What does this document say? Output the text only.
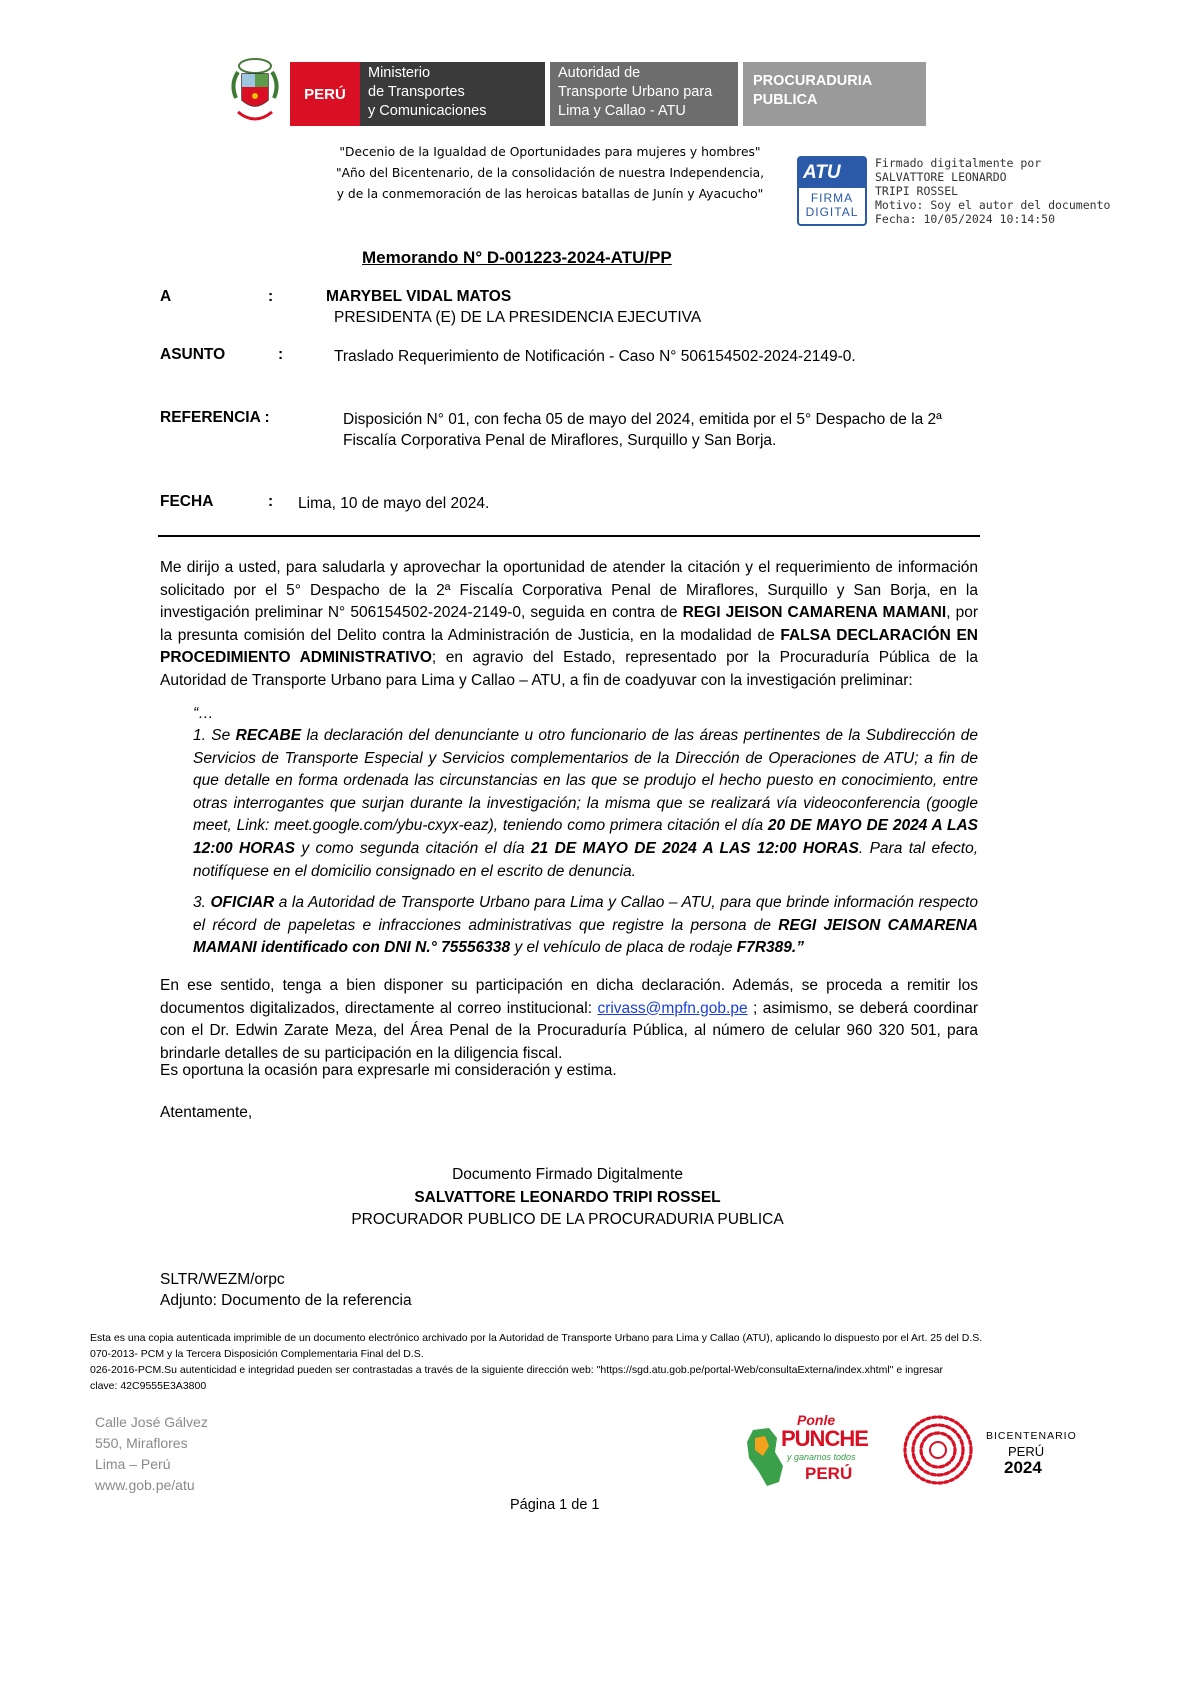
PERÚ
Ministerio
de Transportes
y Comunicaciones
Autoridad de
Transporte Urbano para
Lima y Callao - ATU
PROCURADURIA
PUBLICA
"Decenio de la Igualdad de Oportunidades para mujeres y hombres"
"Año del Bicentenario, de la consolidación de nuestra Independencia,
y de la conmemoración de las heroicas batallas de Junín y Ayacucho"
ATU
FIRMA
DIGITAL
Firmado digitalmente por
SALVATTORE LEONARDO
TRIPI ROSSEL
Motivo: Soy el autor del documento
Fecha: 10/05/2024 10:14:50
Memorando N° D-001223-2024-ATU/PP
A	:	MARYBEL VIDAL MATOS
PRESIDENTA (E) DE LA PRESIDENCIA EJECUTIVA
ASUNTO	:	Traslado Requerimiento de Notificación - Caso N° 506154502-2024-2149-0.
REFERENCIA :	Disposición N° 01, con fecha 05 de mayo del 2024, emitida por el 5° Despacho de la 2ª
Fiscalía Corporativa Penal de Miraflores, Surquillo y San Borja.
FECHA	: Lima, 10 de mayo del 2024.
Me dirijo a usted, para saludarla y aprovechar la oportunidad de atender la citación y el requerimiento de información solicitado por el 5° Despacho de la 2ª Fiscalía Corporativa Penal de Miraflores, Surquillo y San Borja, en la investigación preliminar N° 506154502-2024-2149-0, seguida en contra de REGI JEISON CAMARENA MAMANI, por la presunta comisión del Delito contra la Administración de Justicia, en la modalidad de FALSA DECLARACIÓN EN PROCEDIMIENTO ADMINISTRATIVO; en agravio del Estado, representado por la Procuraduría Pública de la Autoridad de Transporte Urbano para Lima y Callao – ATU, a fin de coadyuvar con la investigación preliminar:
“…
1. Se RECABE la declaración del denunciante u otro funcionario de las áreas pertinentes de la Subdirección de Servicios de Transporte Especial y Servicios complementarios de la Dirección de Operaciones de ATU; a fin de que detalle en forma ordenada las circunstancias en las que se produjo el hecho puesto en conocimiento, entre otras interrogantes que surjan durante la investigación; la misma que se realizará vía videoconferencia (google meet, Link: meet.google.com/ybu-cxyx-eaz), teniendo como primera citación el día 20 DE MAYO DE 2024 A LAS 12:00 HORAS y como segunda citación el día 21 DE MAYO DE 2024 A LAS 12:00 HORAS. Para tal efecto, notifíquese en el domicilio consignado en el escrito de denuncia.
3. OFICIAR a la Autoridad de Transporte Urbano para Lima y Callao – ATU, para que brinde información respecto el récord de papeletas e infracciones administrativas que registre la persona de REGI JEISON CAMARENA MAMANI identificado con DNI N.° 75556338 y el vehículo de placa de rodaje F7R389.”
En ese sentido, tenga a bien disponer su participación en dicha declaración. Además, se proceda a remitir los documentos digitalizados, directamente al correo institucional: crivass@mpfn.gob.pe ; asimismo, se deberá coordinar con el Dr. Edwin Zarate Meza, del Área Penal de la Procuraduría Pública, al número de celular 960 320 501, para brindarle detalles de su participación en la diligencia fiscal.
Es oportuna la ocasión para expresarle mi consideración y estima.
Atentamente,
Documento Firmado Digitalmente
SALVATTORE LEONARDO TRIPI ROSSEL
PROCURADOR PUBLICO DE LA PROCURADURIA PUBLICA
SLTR/WEZM/orpc
Adjunto: Documento de la referencia
Esta es una copia autenticada imprimible de un documento electrónico archivado por la Autoridad de Transporte Urbano para Lima y Callao (ATU), aplicando lo dispuesto por el Art. 25 del D.S.
070-2013- PCM y la Tercera Disposición Complementaria Final del D.S.
026-2016-PCM.Su autenticidad e integridad pueden ser contrastadas a través de la siguiente dirección web: "https://sgd.atu.gob.pe/portal-Web/consultaExterna/index.xhtml" e ingresar
clave: 42C9555E3A3800
Calle José Gálvez
550, Miraflores
Lima – Perú
www.gob.pe/atu
Ponle
PUNCHE
y ganamos todos
PERÚ
BICENTENARIO
PERÚ
2024
Página 1 de 1
